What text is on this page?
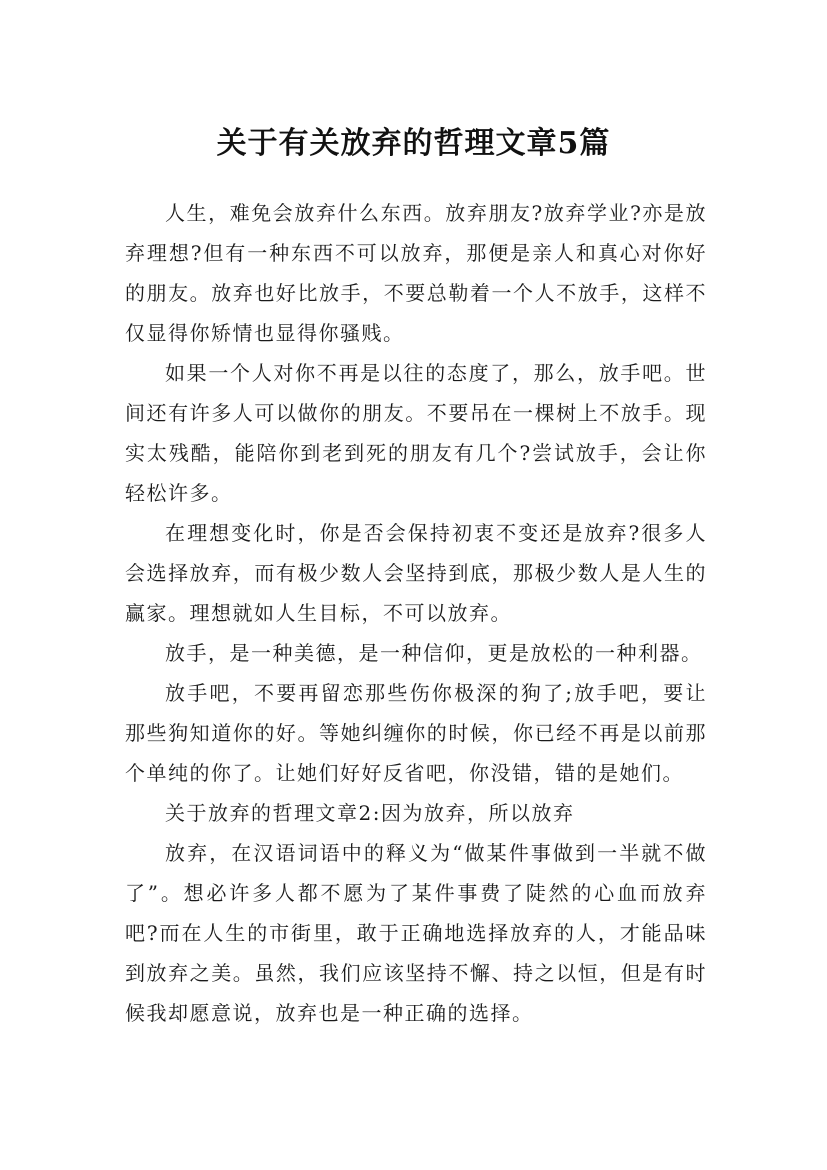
关于有关放弃的哲理文章5篇

人生，难免会放弃什么东西。放弃朋友?放弃学业?亦是放弃理想?但有一种东西不可以放弃，那便是亲人和真心对你好的朋友。放弃也好比放手，不要总勒着一个人不放手，这样不仅显得你矫情也显得你骚贱。

如果一个人对你不再是以往的态度了，那么，放手吧。世间还有许多人可以做你的朋友。不要吊在一棵树上不放手。现实太残酷，能陪你到老到死的朋友有几个?尝试放手，会让你轻松许多。

在理想变化时，你是否会保持初衷不变还是放弃?很多人会选择放弃，而有极少数人会坚持到底，那极少数人是人生的赢家。理想就如人生目标，不可以放弃。

放手，是一种美德，是一种信仰，更是放松的一种利器。

放手吧，不要再留恋那些伤你极深的狗了;放手吧，要让那些狗知道你的好。等她纠缠你的时候，你已经不再是以前那个单纯的你了。让她们好好反省吧，你没错，错的是她们。

关于放弃的哲理文章2:因为放弃，所以放弃

放弃，在汉语词语中的释义为“做某件事做到一半就不做了”。想必许多人都不愿为了某件事费了陡然的心血而放弃吧?而在人生的市街里，敢于正确地选择放弃的人，才能品味到放弃之美。虽然，我们应该坚持不懈、持之以恒，但是有时候我却愿意说，放弃也是一种正确的选择。
